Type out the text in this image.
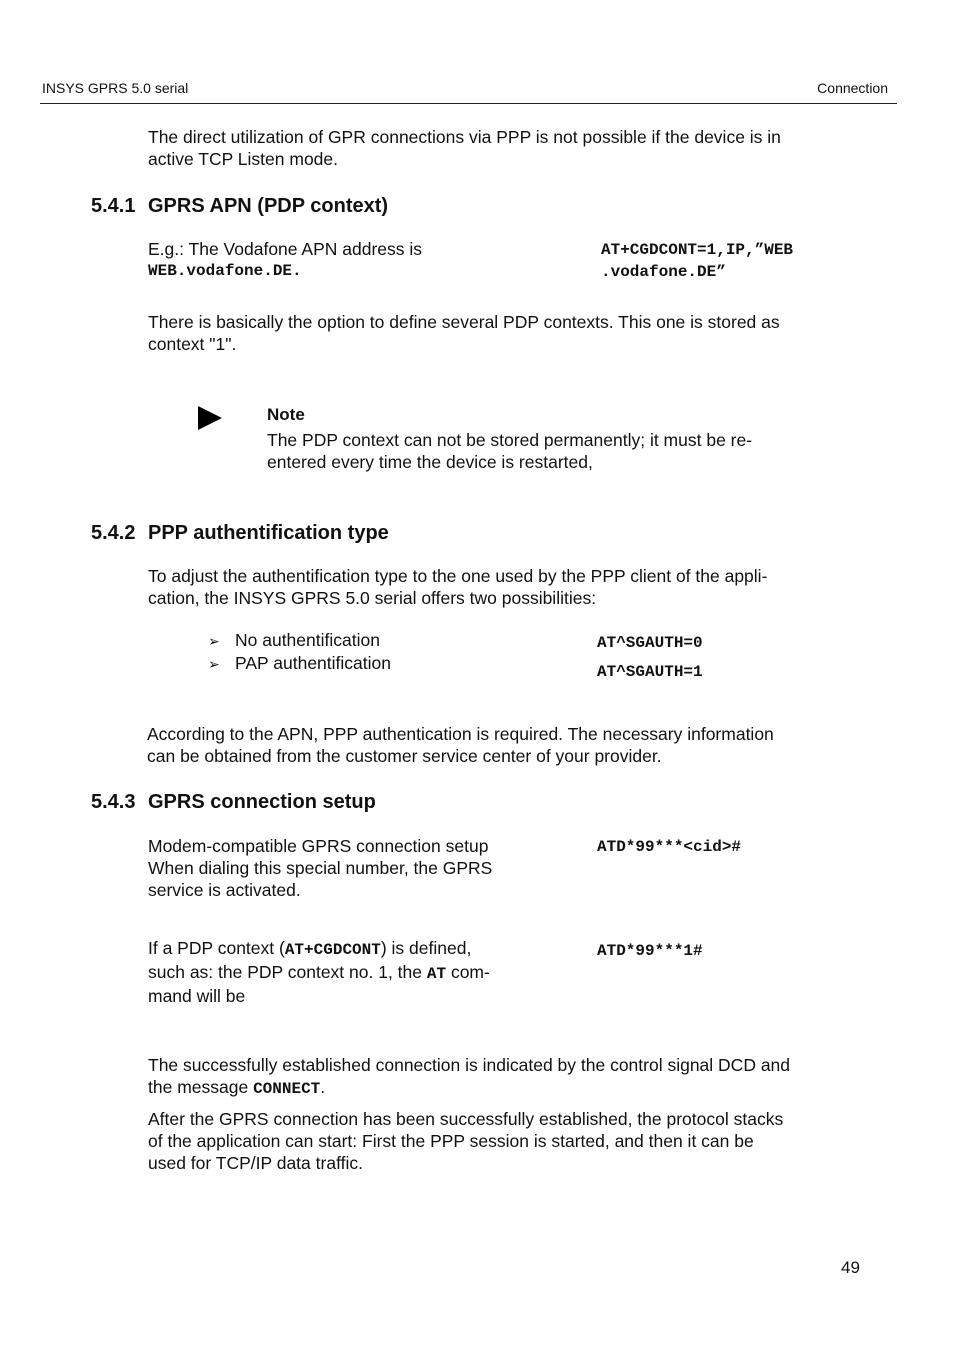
INSYS GPRS 5.0 serial	Connection
The direct utilization of GPR connections via PPP is not possible if the device is in
active TCP Listen mode.
5.4.1 GPRS APN (PDP context)
E.g.: The Vodafone APN address is
WEB.vodafone.DE.
AT+CGDCONT=1,IP,”WEB
.vodafone.DE”
There is basically the option to define several PDP contexts. This one is stored as
context "1".
Note
The PDP context can not be stored permanently; it must be re-
entered every time the device is restarted,
5.4.2 PPP authentification type
To adjust the authentification type to the one used by the PPP client of the appli-
cation, the INSYS GPRS 5.0 serial offers two possibilities:
➢ No authentification
➢ PAP authentification
AT^SGAUTH=0
AT^SGAUTH=1
According to the APN, PPP authentication is required. The necessary information
can be obtained from the customer service center of your provider.
5.4.3 GPRS connection setup
Modem-compatible GPRS connection setup
When dialing this special number, the GPRS
service is activated.
ATD*99***<cid>#
If a PDP context (AT+CGDCONT) is defined,
such as: the PDP context no. 1, the AT com-
mand will be
ATD*99***1#
The successfully established connection is indicated by the control signal DCD and
the message CONNECT.
After the GPRS connection has been successfully established, the protocol stacks
of the application can start: First the PPP session is started, and then it can be
used for TCP/IP data traffic.
49
